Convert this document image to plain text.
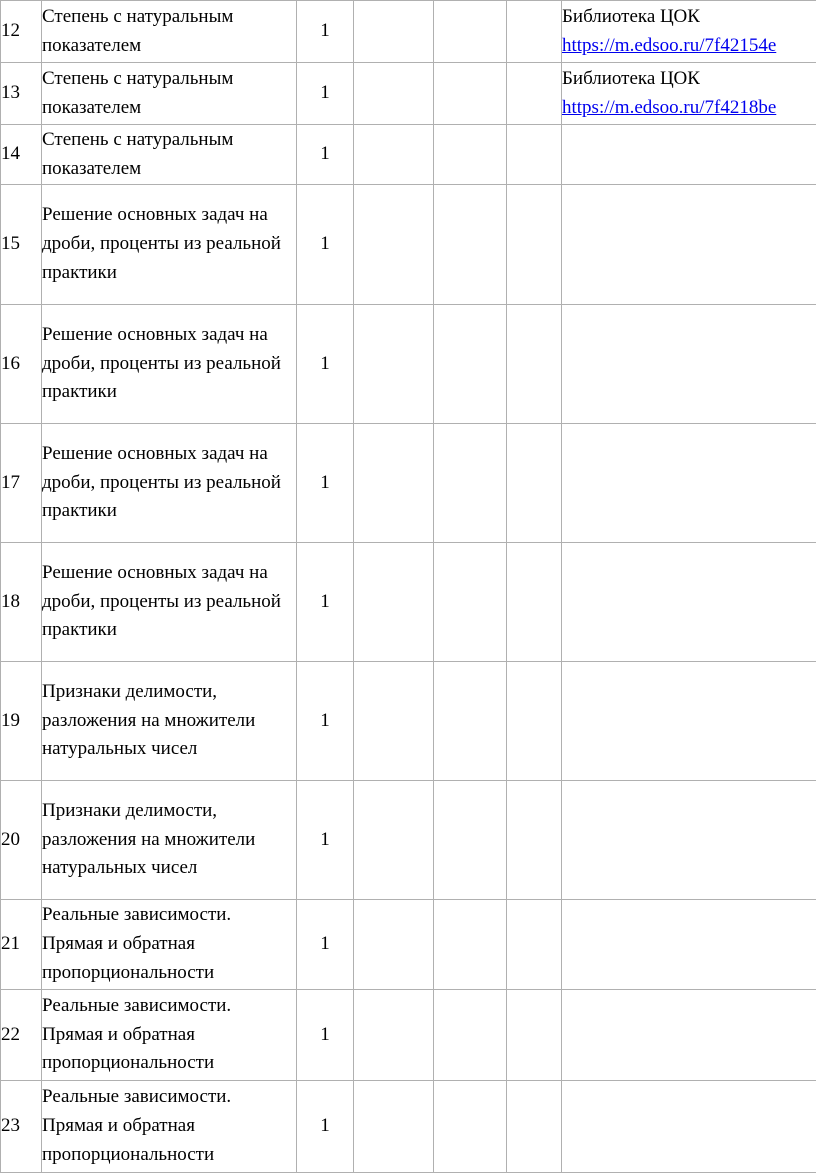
12	Степень с натуральным показателем	1				Библиотека ЦОК
https://m.edsoo.ru/7f42154e

13	Степень с натуральным показателем	1				Библиотека ЦОК
https://m.edsoo.ru/7f4218be

14	Степень с натуральным показателем	1				
15	Решение основных задач на дроби, проценты из реальной практики	1				
16	Решение основных задач на дроби, проценты из реальной практики	1				
17	Решение основных задач на дроби, проценты из реальной практики	1				
18	Решение основных задач на дроби, проценты из реальной практики	1				
19	Признаки делимости, разложения на множители натуральных чисел	1				
20	Признаки делимости, разложения на множители натуральных чисел	1				
21	Реальные зависимости. Прямая и обратная пропорциональности	1				
22	Реальные зависимости. Прямая и обратная пропорциональности	1				
23	Реальные зависимости. Прямая и обратная пропорциональности	1				
